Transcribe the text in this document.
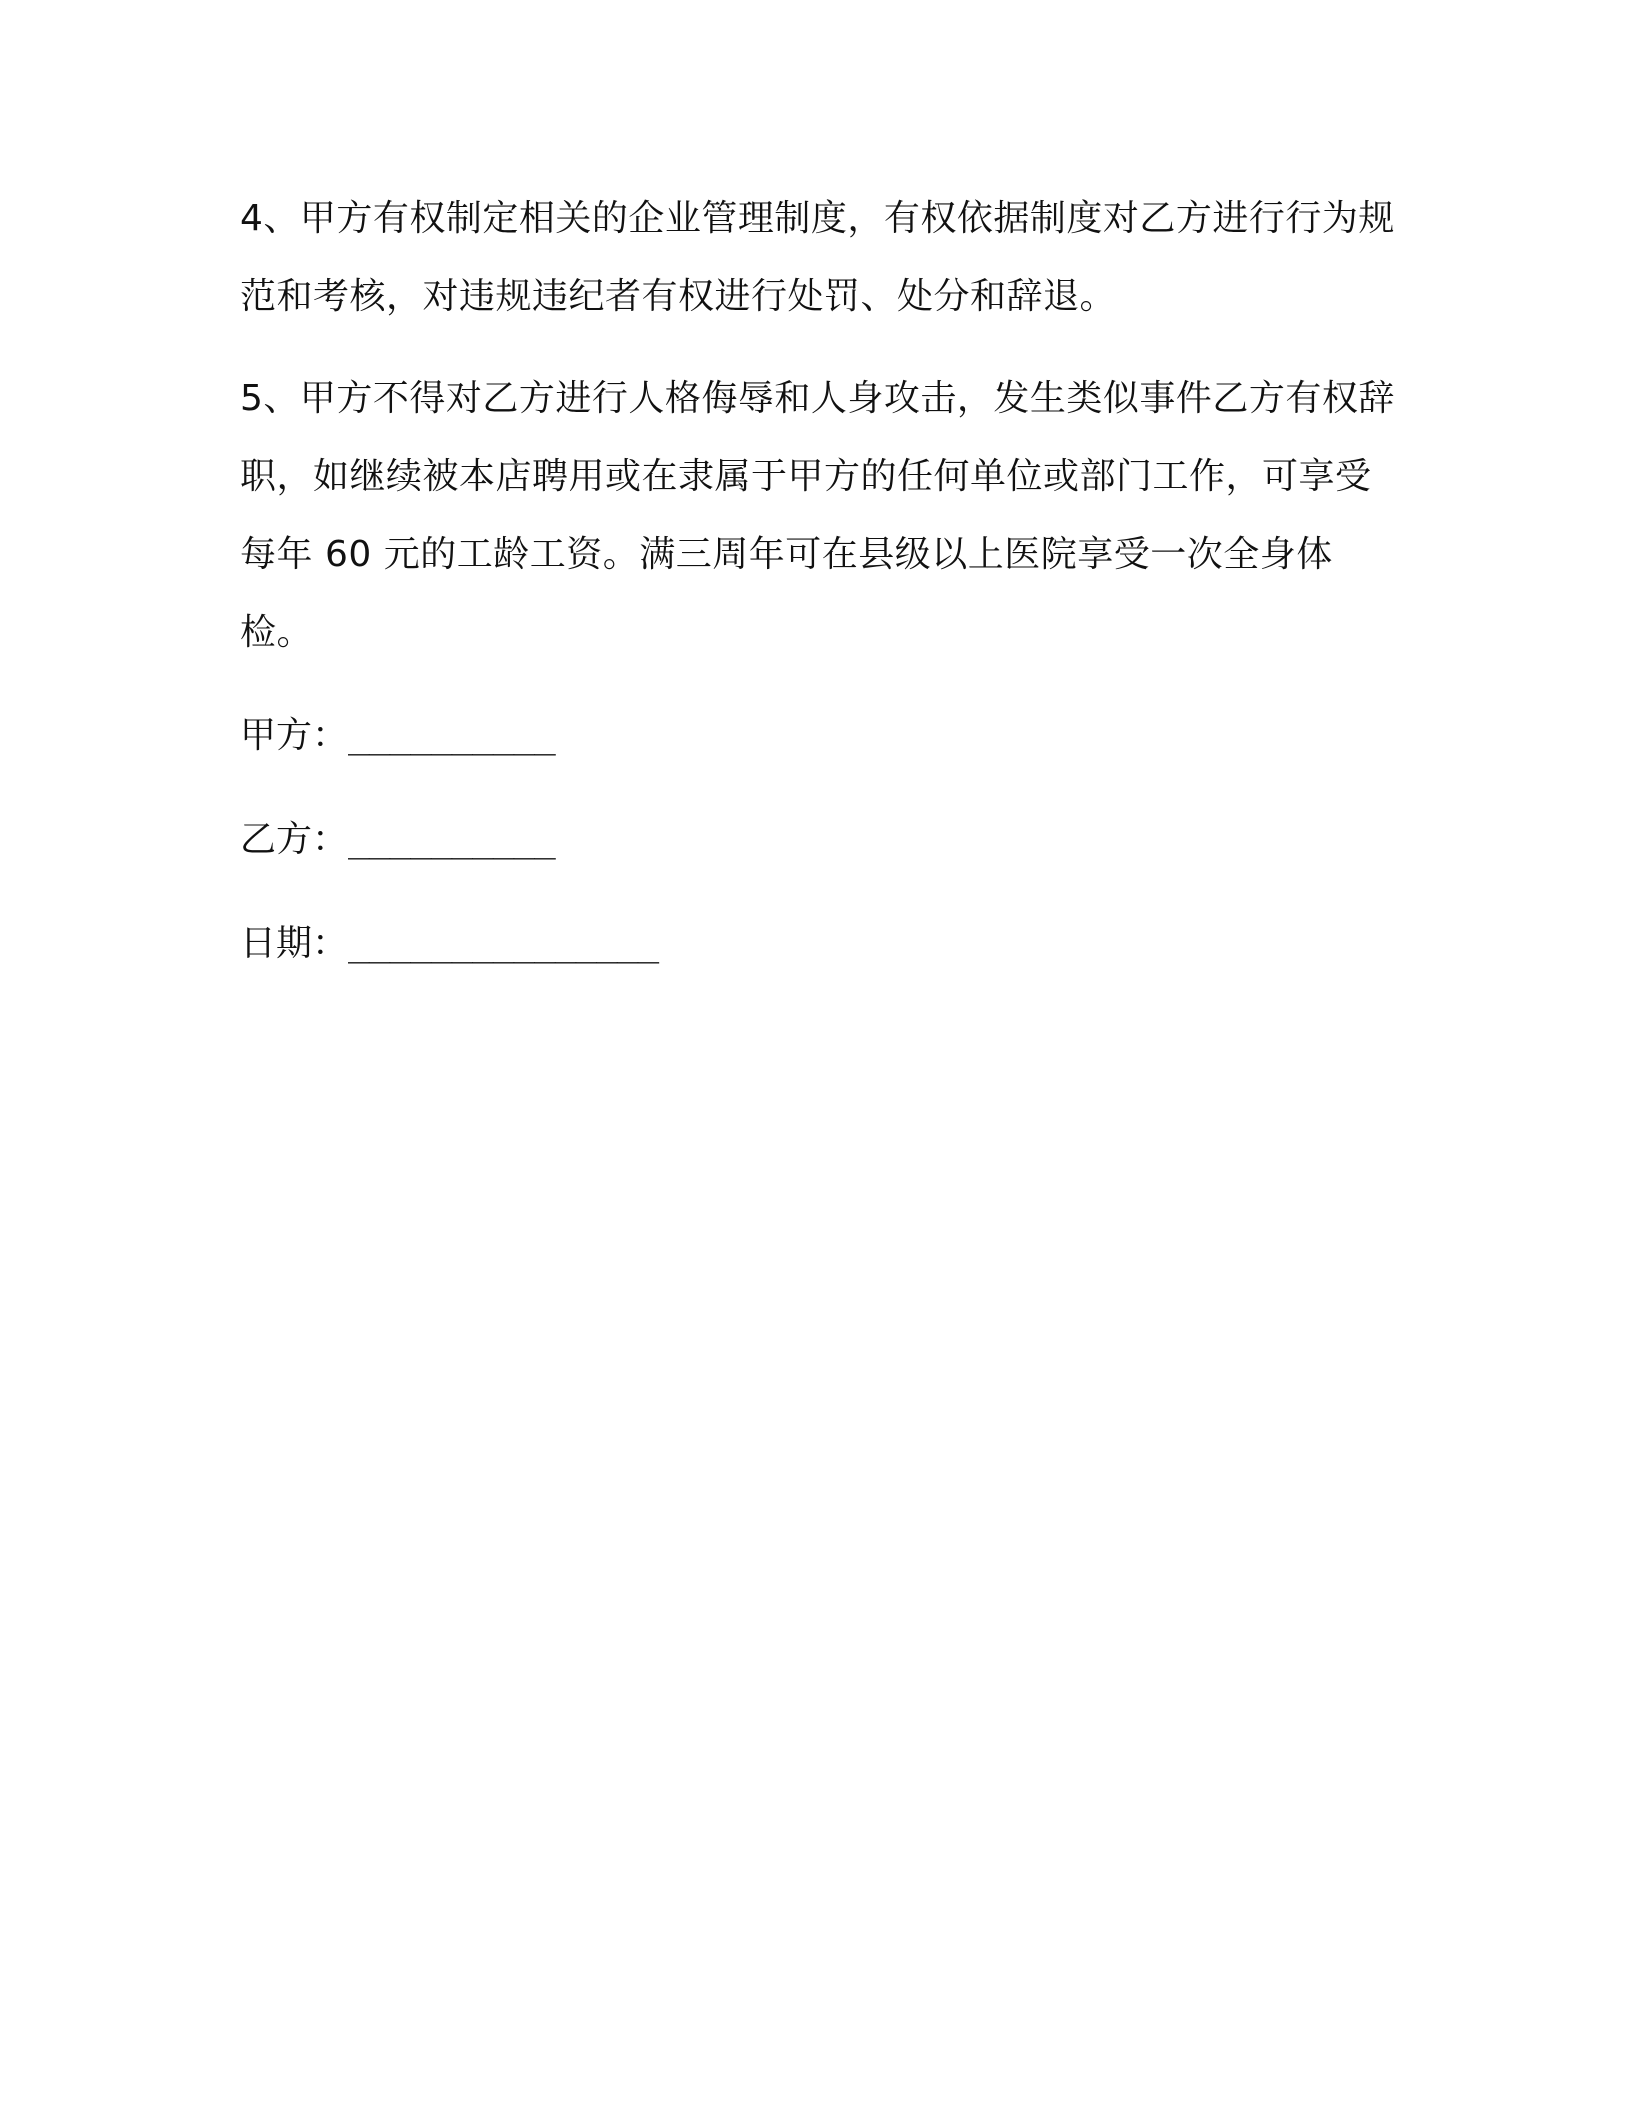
4、甲方有权制定相关的企业管理制度，有权依据制度对乙方进行行为规范和考核，对违规违纪者有权进行处罚、处分和辞退。

5、甲方不得对乙方进行人格侮辱和人身攻击，发生类似事件乙方有权辞职，如继续被本店聘用或在隶属于甲方的任何单位或部门工作，可享受每年 60 元的工龄工资。满三周年可在县级以上医院享受一次全身体检。

甲方：__________
乙方：__________
日期：_______________
